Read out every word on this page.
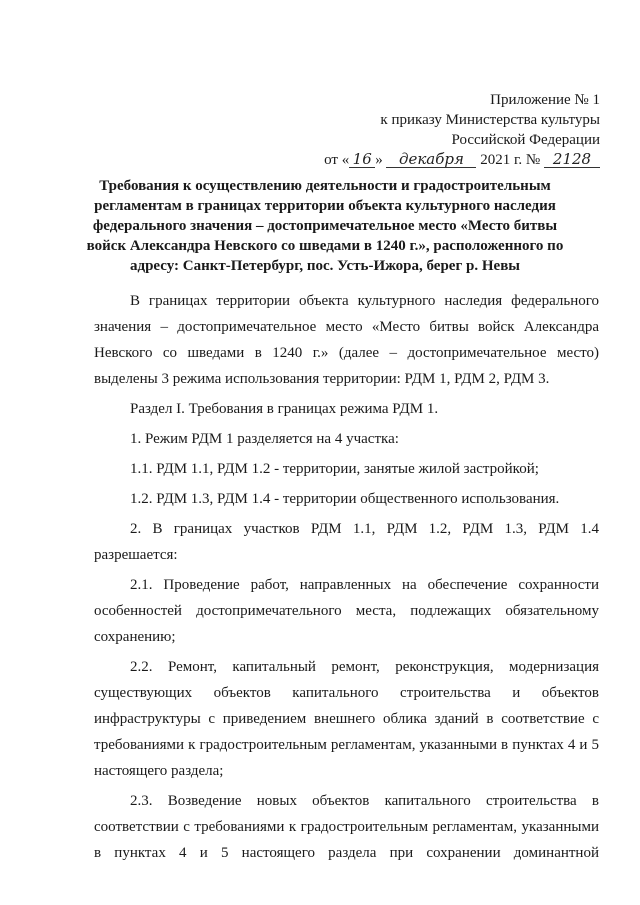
Приложение № 1
к приказу Министерства культуры
Российской Федерации
от « 16 » декабря 2021 г. № 2128
Требования к осуществлению деятельности и градостроительным регламентам в границах территории объекта культурного наследия федерального значения – достопримечательное место «Место битвы войск Александра Невского со шведами в 1240 г.», расположенного по адресу: Санкт-Петербург, пос. Усть-Ижора, берег р. Невы

В границах территории объекта культурного наследия федерального значения – достопримечательное место «Место битвы войск Александра Невского со шведами в 1240 г.» (далее – достопримечательное место) выделены 3 режима использования территории: РДМ 1, РДМ 2, РДМ 3.

Раздел I. Требования в границах режима РДМ 1.

1. Режим РДМ 1 разделяется на 4 участка:

1.1. РДМ 1.1, РДМ 1.2 - территории, занятые жилой застройкой;

1.2. РДМ 1.3, РДМ 1.4 - территории общественного использования.

2. В границах участков РДМ 1.1, РДМ 1.2, РДМ 1.3, РДМ 1.4 разрешается:

2.1. Проведение работ, направленных на обеспечение сохранности особенностей достопримечательного места, подлежащих обязательному сохранению;

2.2. Ремонт, капитальный ремонт, реконструкция, модернизация существующих объектов капитального строительства и объектов инфраструктуры с приведением внешнего облика зданий в соответствие с требованиями к градостроительным регламентам, указанными в пунктах 4 и 5 настоящего раздела;

2.3. Возведение новых объектов капитального строительства в соответствии с требованиями к градостроительным регламентам, указанными в пунктах 4 и 5 настоящего раздела при сохранении доминантной
